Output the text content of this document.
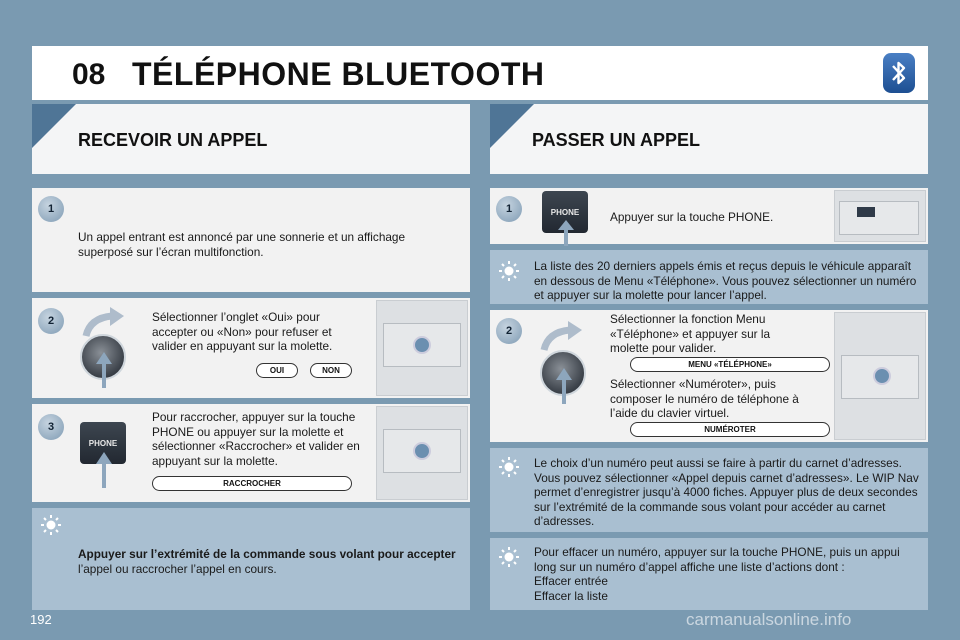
08 TÉLÉPHONE BLUETOOTH
RECEVOIR UN APPEL	PASSER UN APPEL
1
Un appel entrant est annoncé par une sonnerie et un affichage superposé sur l’écran multifonction.
2	Sélectionner l’onglet «Oui» pour accepter ou «Non» pour refuser et valider en appuyant sur la molette.
OUI	NON
3
PHONE
Pour raccrocher, appuyer sur la touche PHONE ou appuyer sur la molette et sélectionner «Raccrocher» et valider en appuyant sur la molette.
RACCROCHER
Appuyer sur l’extrémité de la commande sous volant pour accepter
l’appel ou raccrocher l’appel en cours.
1	PHONE	Appuyer sur la touche PHONE.
La liste des 20 derniers appels émis et reçus depuis le véhicule apparaît en dessous de Menu «Téléphone». Vous pouvez sélectionner un numéro et appuyer sur la molette pour lancer l’appel.
2
Sélectionner la fonction Menu «Téléphone» et appuyer sur la molette pour valider.
MENU «TÉLÉPHONE»
Sélectionner «Numéroter», puis composer le numéro de téléphone à l’aide du clavier virtuel.
NUMÉROTER
Le choix d’un numéro peut aussi se faire à partir du carnet d’adresses. Vous pouvez sélectionner «Appel depuis carnet d’adresses». Le WIP Nav permet d’enregistrer jusqu’à 4000 fiches. Appuyer plus de deux secondes sur l’extrémité de la commande sous volant pour accéder au carnet d’adresses.
Pour effacer un numéro, appuyer sur la touche PHONE, puis un appui long sur un numéro d’appel affiche une liste d’actions dont :
Effacer entrée
Effacer la liste
192	carmanualsonline.info
